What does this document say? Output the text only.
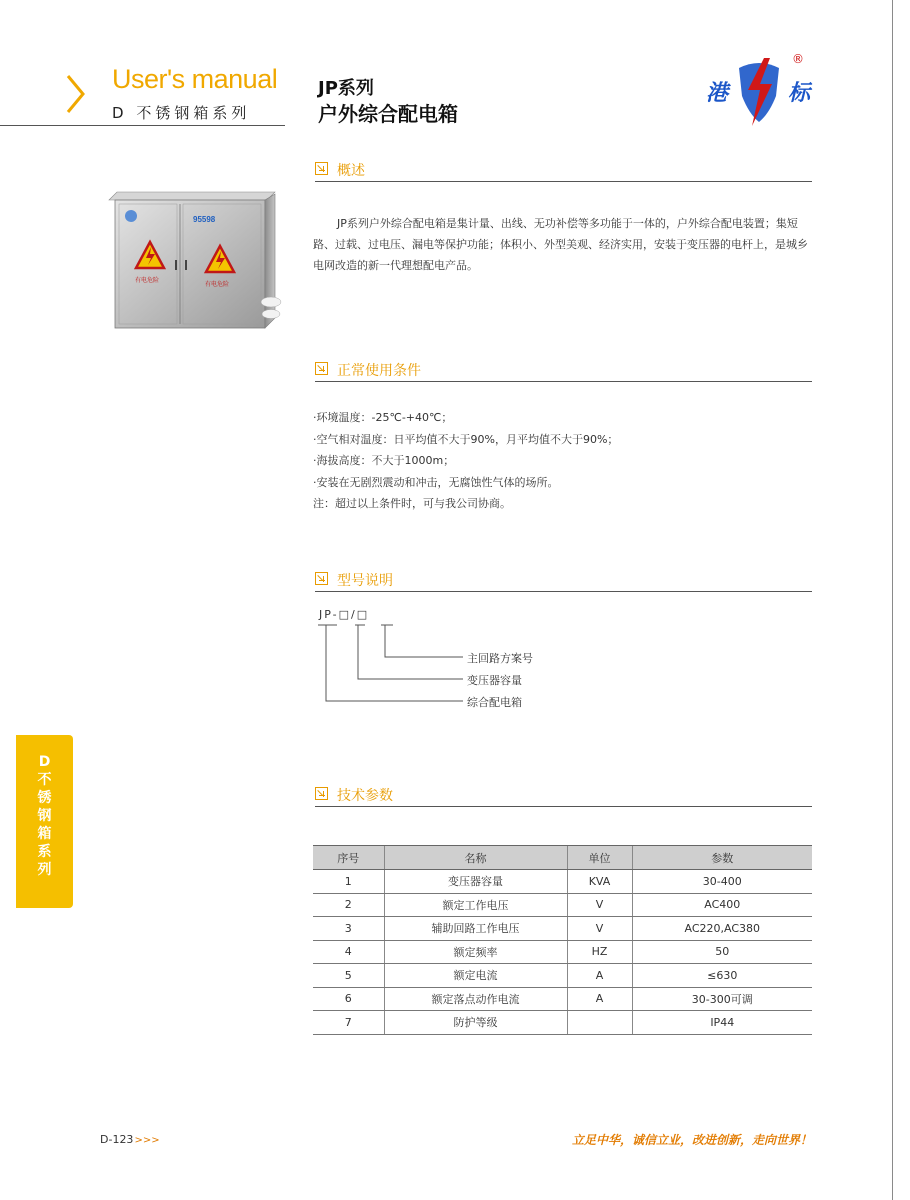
User's manual
D 不锈钢箱系列
JP系列
户外综合配电箱
港	标
®
95598
有电危险
有电危险
概述
JP系列户外综合配电箱是集计量、出线、无功补偿等多功能于一体的，户外综合配电装置；集短路、过载、过电压、漏电等保护功能；体积小、外型美观、经济实用，安装于变压器的电杆上，是城乡电网改造的新一代理想配电产品。
正常使用条件
·环境温度：-25℃-+40℃；
·空气相对温度：日平均值不大于90%，月平均值不大于90%；
·海拔高度：不大于1000m；
·安装在无剧烈震动和冲击，无腐蚀性气体的场所。
注：超过以上条件时，可与我公司协商。
型号说明
JP-□/□
主回路方案号
变压器容量
综合配电箱
技术参数
序号	名称	单位	参数
1	变压器容量	KVA	30-400
2	额定工作电压	V	AC400
3	辅助回路工作电压	V	AC220,AC380
4	额定频率	HZ	50
5	额定电流	A	≤630
6	额定落点动作电流	A	30-300可调
7	防护等级		IP44
D
不
锈
钢
箱
系
列
D-123>>>	立足中华，诚信立业，改进创新，走向世界！
